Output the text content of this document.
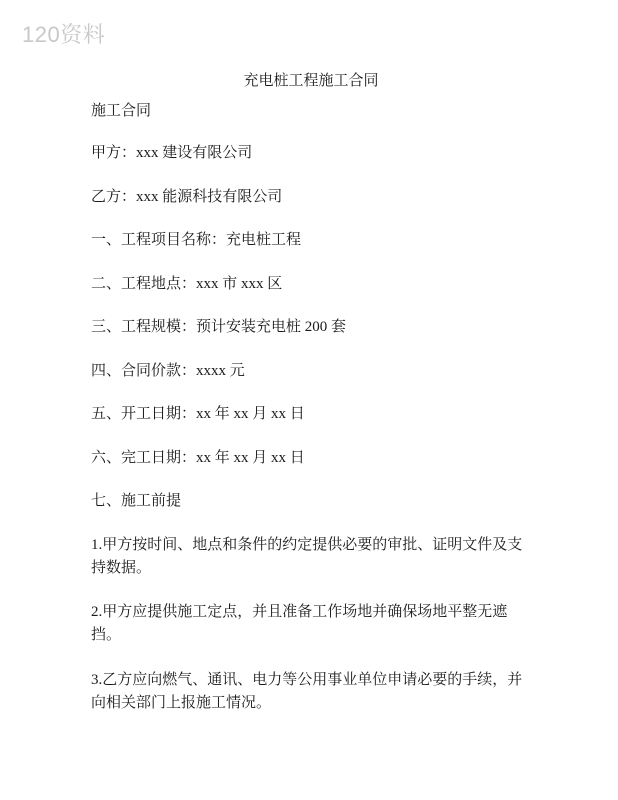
120资料
充电桩工程施工合同

施工合同

甲方：xxx 建设有限公司

乙方：xxx 能源科技有限公司

一、工程项目名称：充电桩工程

二、工程地点：xxx 市 xxx 区

三、工程规模：预计安装充电桩 200 套

四、合同价款：xxxx 元

五、开工日期：xx 年 xx 月 xx 日

六、完工日期：xx 年 xx 月 xx 日

七、施工前提

1.甲方按时间、地点和条件的约定提供必要的审批、证明文件及支持数据。

2.甲方应提供施工定点，并且准备工作场地并确保场地平整无遮挡。

3.乙方应向燃气、通讯、电力等公用事业单位申请必要的手续，并向相关部门上报施工情况。
